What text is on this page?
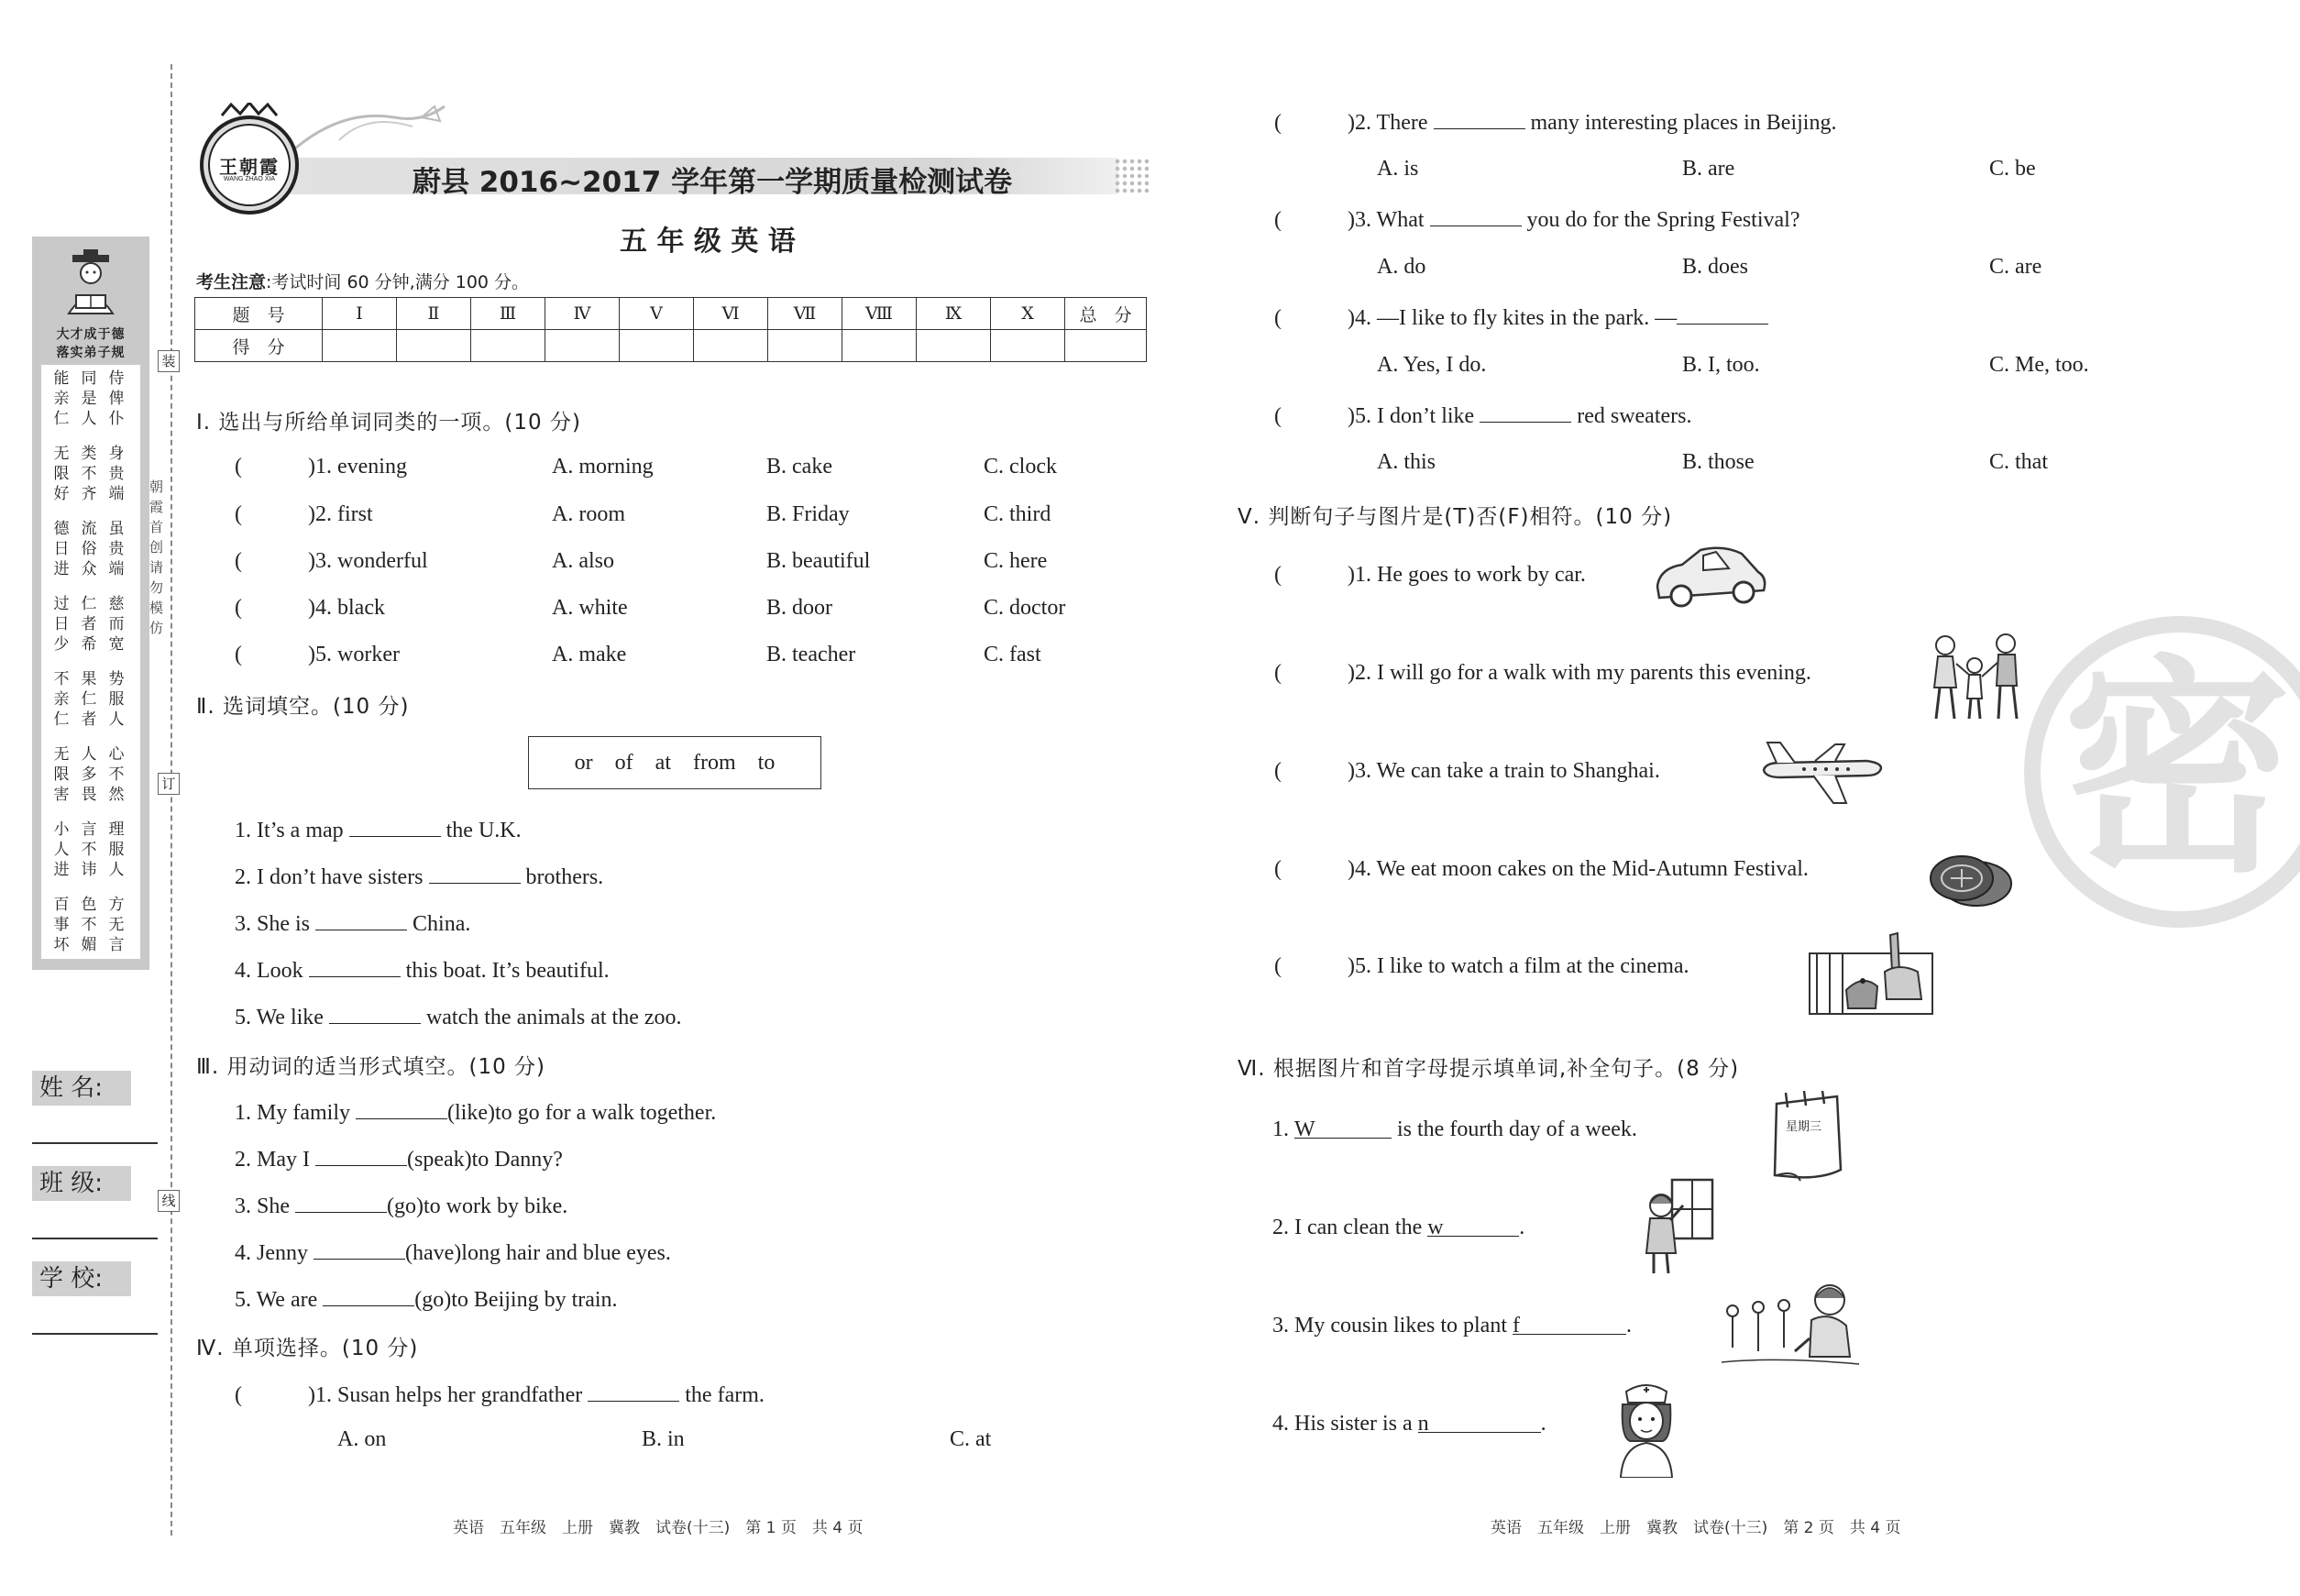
装
订
线
朝霞首创 请勿模仿
大才成于德
落实弟子规
能亲仁
同是人
侍俾仆
无限好
类不齐
身贵端
德日进
流俗众
虽贵端
过日少
仁者希
慈而宽
不亲仁
果仁者
势服人
无限害
人多畏
心不然
小人进
言不讳
理服人
百事坏
色不媚
方无言
姓 名:
班 级:
学 校:
王朝霞
WANG ZHAO XIA	蔚县 2016~2017 学年第一学期质量检测试卷
五 年 级 英 语
考生注意:考试时间 60 分钟,满分 100 分。
题　号	Ⅰ	Ⅱ	Ⅲ	Ⅳ	Ⅴ	Ⅵ	Ⅶ	Ⅷ	Ⅸ	Ⅹ	总　分
得　分											
Ⅰ. 选出与所给单词同类的一项。(10 分)
(	)1. evening	A. morning	B. cake	C. clock
(	)2. first	A. room	B. Friday	C. third
(	)3. wonderful	A. also	B. beautiful	C. here
(	)4. black	A. white	B. door	C. doctor
(	)5. worker	A. make	B. teacher	C. fast
Ⅱ. 选词填空。(10 分)
or of at from to
1. It’s a map	the U.K.
2. I don’t have sisters	brothers.
3. She is	China.
4. Look	this boat. It’s beautiful.
5. We like	watch the animals at the zoo.
Ⅲ. 用动词的适当形式填空。(10 分)
1. My family	(like)to go for a walk together.
2. May I	(speak)to Danny?
3. She	(go)to work by bike.
4. Jenny	(have)long hair and blue eyes.
5. We are	(go)to Beijing by train.
Ⅳ. 单项选择。(10 分)
(	)1. Susan helps her grandfather	the farm.
A. on	B. in	C. at
英语　五年级　上册　冀教　试卷(十三)　第 1 页　共 4 页
(	)2. There	many interesting places in Beijing.
A. is	B. are	C. be
(	)3. What	you do for the Spring Festival?
A. do	B. does	C. are
(	)4. —I like to fly kites in the park. —
A. Yes, I do.	B. I, too.	C. Me, too.
(	)5. I don’t like	red sweaters.
A. this	B. those	C. that
密
Ⅴ. 判断句子与图片是(T)否(F)相符。(10 分)
(	)1. He goes to work by car.
(	)2. I will go for a walk with my parents this evening.
(	)3. We can take a train to Shanghai.
(	)4. We eat moon cakes on the Mid-Autumn Festival.
(	)5. I like to watch a film at the cinema.
Ⅵ. 根据图片和首字母提示填单词,补全句子。(8 分)
1. W	is the fourth day of a week.	星期三
2. I can clean the w	.
3. My cousin likes to plant f	.
4. His sister is a n	.
英语　五年级　上册　冀教　试卷(十三)　第 2 页　共 4 页
